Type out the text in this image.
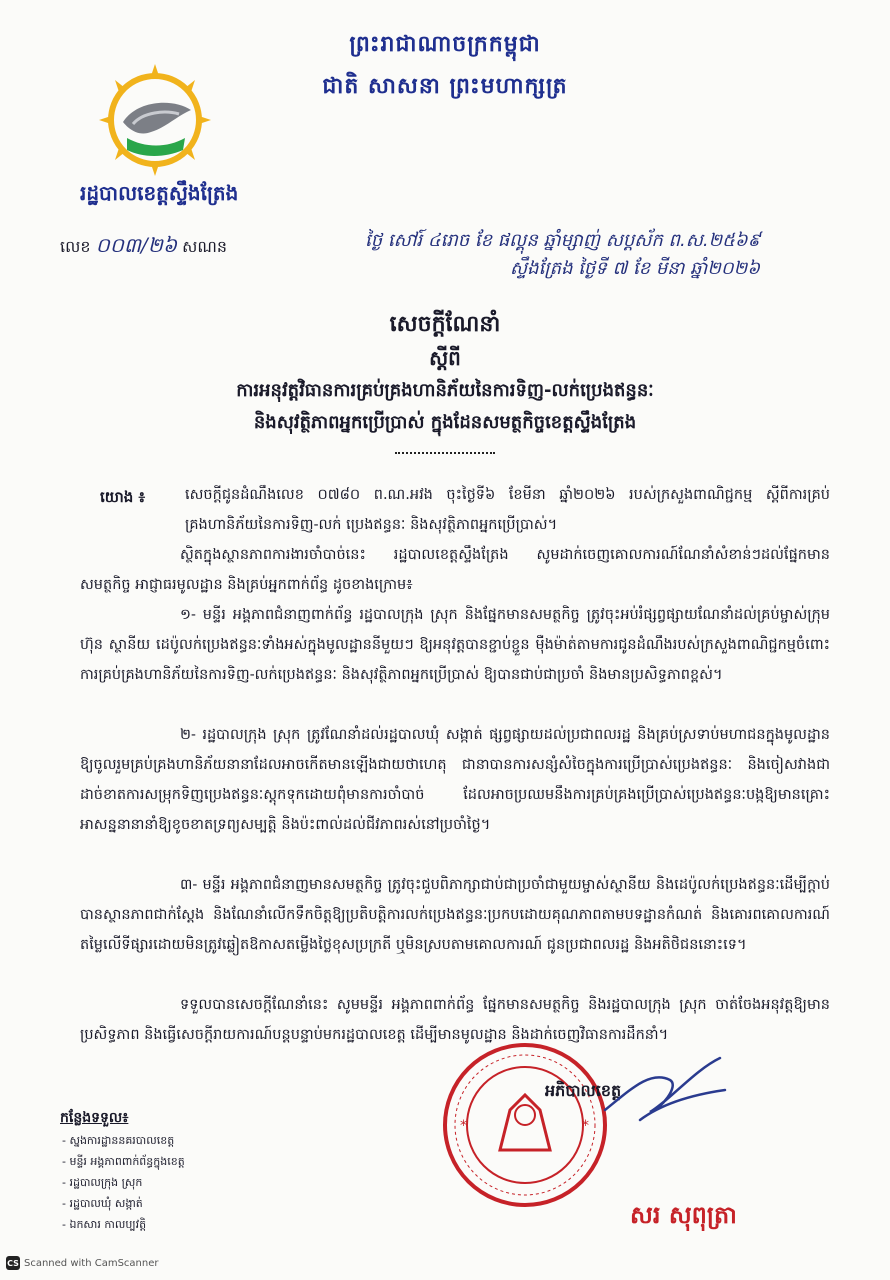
ព្រះរាជាណាចក្រកម្ពុជា
ជាតិ សាសនា ព្រះមហាក្សត្រ
រដ្ឋបាលខេត្តស្ទឹងត្រែង
លេខ ០០៣/២៦ សណន	ថ្ងៃ សៅរ៍ ៤រោច ខែ ផល្គុន ឆ្នាំម្សាញ់ សប្តស័ក ព.ស.២៥៦៩
ស្ទឹងត្រែង ថ្ងៃទី ៧ ខែ មីនា ឆ្នាំ២០២៦
សេចក្តីណែនាំ
ស្តីពី
ការអនុវត្តវិធានការគ្រប់គ្រងហានិភ័យនៃការទិញ-លក់ប្រេងឥន្ធនៈ
និងសុវត្ថិភាពអ្នកប្រើប្រាស់ ក្នុងដែនសមត្ថកិច្ចខេត្តស្ទឹងត្រែង
យោង ៖	សេចក្តីជូនដំណឹងលេខ ០៧៨០ ព.ណ.អវង ចុះថ្ងៃទី៦ ខែមីនា ឆ្នាំ២០២៦ របស់ក្រសួងពាណិជ្ជកម្ម ស្តីពីការគ្រប់គ្រងហានិភ័យនៃការទិញ-លក់ ប្រេងឥន្ធនៈ និងសុវត្ថិភាពអ្នកប្រើប្រាស់។
ស្ថិតក្នុងស្ថានភាពការងារចាំបាច់នេះ រដ្ឋបាលខេត្តស្ទឹងត្រែង សូមដាក់ចេញគោលការណ៍ណែនាំសំខាន់ៗដល់ផ្នែកមានសមត្ថកិច្ច អាជ្ញាធរមូលដ្ឋាន និងគ្រប់អ្នកពាក់ព័ន្ធ ដូចខាងក្រោម៖
១- មន្ទីរ អង្គភាពជំនាញពាក់ព័ន្ធ រដ្ឋបាលក្រុង ស្រុក និងផ្នែកមានសមត្ថកិច្ច ត្រូវចុះអប់រំផ្សព្វផ្សាយណែនាំដល់គ្រប់ម្ចាស់ក្រុមហ៊ុន ស្ថានីយ ដេប៉ូលក់ប្រេងឥន្ធនៈទាំងអស់ក្នុងមូលដ្ឋាននីមួយៗ ឱ្យអនុវត្តបានខ្ជាប់ខ្ជួន ម៉ឺងម៉ាត់តាមការជូនដំណឹងរបស់ក្រសួងពាណិជ្ជកម្មចំពោះការគ្រប់គ្រងហានិភ័យនៃការទិញ-លក់ប្រេងឥន្ធនៈ និងសុវត្ថិភាពអ្នកប្រើប្រាស់ ឱ្យបានជាប់ជាប្រចាំ និងមានប្រសិទ្ធភាពខ្ពស់។
២- រដ្ឋបាលក្រុង ស្រុក ត្រូវណែនាំដល់រដ្ឋបាលឃុំ សង្កាត់ ផ្សព្វផ្សាយដល់ប្រជាពលរដ្ឋ និងគ្រប់ស្រទាប់មហាជនក្នុងមូលដ្ឋាន ឱ្យចូលរួមគ្រប់គ្រងហានិភ័យនានាដែលអាចកើតមានឡើងជាយថាហេតុ ជានាបានការសន្សំសំចៃក្នុងការប្រើប្រាស់ប្រេងឥន្ធនៈ និងចៀសវាងជាដាច់ខាតការសម្រុកទិញប្រេងឥន្ធនៈស្តុកទុកដោយពុំមានការចាំបាច់ ដែលអាចប្រឈមនឹងការគ្រប់គ្រងប្រើប្រាស់ប្រេងឥន្ធនៈបង្កឱ្យមានគ្រោះអាសន្ននានានាំឱ្យខូចខាតទ្រព្យសម្បត្តិ និងប៉ះពាល់ដល់ជីវភាពរស់នៅប្រចាំថ្ងៃ។
៣- មន្ទីរ អង្គភាពជំនាញមានសមត្ថកិច្ច ត្រូវចុះជួបពិភាក្សាជាប់ជាប្រចាំជាមួយម្ចាស់ស្ថានីយ និងដេប៉ូលក់ប្រេងឥន្ធនៈដើម្បីក្តាប់បានស្ថានភាពជាក់ស្តែង និងណែនាំលើកទឹកចិត្តឱ្យប្រតិបត្តិការលក់ប្រេងឥន្ធនៈប្រកបដោយគុណភាពតាមបទដ្ឋានកំណត់ និងគោរពគោលការណ៍តម្លៃលើទីផ្សារដោយមិនត្រូវឆ្លៀតឱកាសតម្លើងថ្លៃខុសប្រក្រតី ឬមិនស្របតាមគោលការណ៍ ជូនប្រជាពលរដ្ឋ និងអតិថិជននោះទេ។
ទទួលបានសេចក្តីណែនាំនេះ សូមមន្ទីរ អង្គភាពពាក់ព័ន្ធ ផ្នែកមានសមត្ថកិច្ច និងរដ្ឋបាលក្រុង ស្រុក ចាត់ចែងអនុវត្តឱ្យមានប្រសិទ្ធភាព និងធ្វើសេចក្តីរាយការណ៍បន្តបន្ទាប់មករដ្ឋបាលខេត្ត ដើម្បីមានមូលដ្ឋាន និងដាក់ចេញវិធានការដឹកនាំ។
*	*
អភិបាលខេត្ត
សរ សុពុត្រា
កន្លែងទទួល៖
- ស្នងការដ្ឋាននគរបាលខេត្ត
- មន្ទីរ អង្គភាពពាក់ព័ន្ធក្នុងខេត្ត
- រដ្ឋបាលក្រុង ស្រុក
- រដ្ឋបាលឃុំ សង្កាត់
- ឯកសារ កាលប្បវត្តិ
CS Scanned with CamScanner
